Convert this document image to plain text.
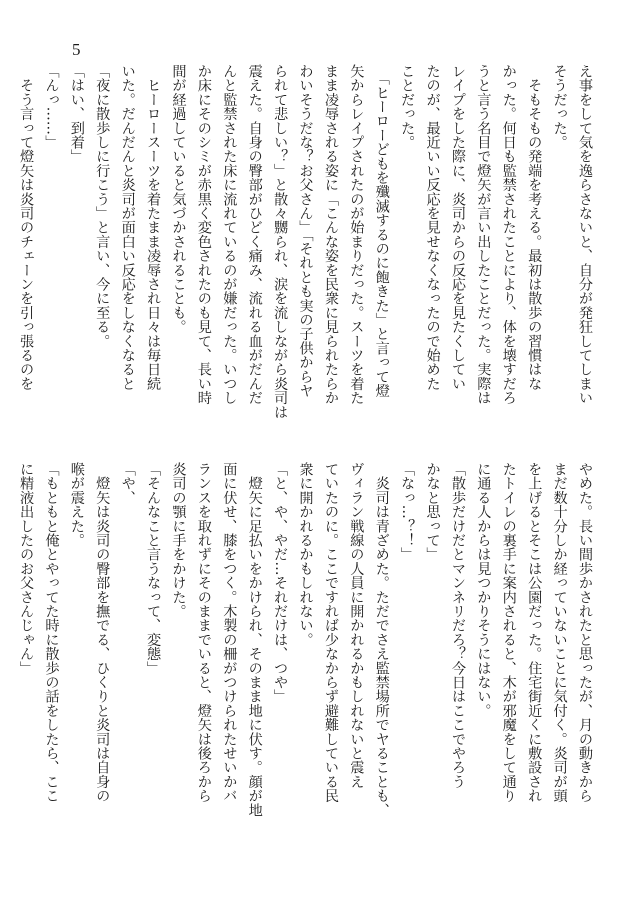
5

え事をして気を逸らさないと、自分が発狂してしまい

そうだった。

　そもそもの発端を考える。最初は散歩の習慣はな

かった。何日も監禁されたことにより、体を壊すだろ

うと言う名目で燈矢が言い出したことだった。実際は

レイプをした際に、炎司からの反応を見たくしてい

たのが、最近いい反応を見せなくなったので始めた

ことだった。

　「ヒーローどもを殲滅するのに飽きた」と言って燈

矢からレイプされたのが始まりだった。スーツを着た

まま凌辱される姿に「こんな姿を民衆に見られたらか

わいそうだな？お父さん」「それとも実の子供からヤ

られて悲しい？」と散々嬲られ、涙を流しながら炎司は

震えた。自身の臀部がひどく痛み、流れる血がだんだ

んと監禁された床に流れているのが嫌だった。いつし

か床にそのシミが赤黒く変色されたのも見て、長い時

間が経過していると気づかされることも。

　ヒーロースーツを着たまま凌辱され日々は毎日続

いた。だんだんと炎司が面白い反応をしなくなると

「夜に散歩しに行こう」と言い、今に至る。

「はい、到着」

「んっ……」

　そう言って燈矢は炎司のチェーンを引っ張るのを

やめた。長い間歩かされたと思ったが、月の動きから

まだ数十分しか経っていないことに気付く。炎司が頭

を上げるとそこは公園だった。住宅街近くに敷設され

たトイレの裏手に案内されると、木が邪魔をして通り

に通る人からは見つかりそうにはない。

「散歩だけだとマンネリだろ？今日はここでやろう

かなと思って」

「なっ…？！」

　炎司は青ざめた。ただでさえ監禁場所でヤることも、

ヴィラン戦線の人員に開かれるかもしれないと震え

ていたのに。ここですれば少なからず避難している民

衆に開かれるかもしれない。

「と、や、やだ…それだけは、つや」

　燈矢に足払いをかけられ、そのまま地に伏す。顔が地

面に伏せ、膝をつく。木製の柵がつけられたせいかバ

ランスを取れずにそのままでいると、燈矢は後ろから

炎司の顎に手をかけた。

「そんなこと言うなって、変態」

「や、

　燈矢は炎司の臀部を撫でる、ひくりと炎司は自身の

喉が震えた。

「もともと俺とやってた時に散歩の話をしたら、ここ

に精液出したのお父さんじゃん」
